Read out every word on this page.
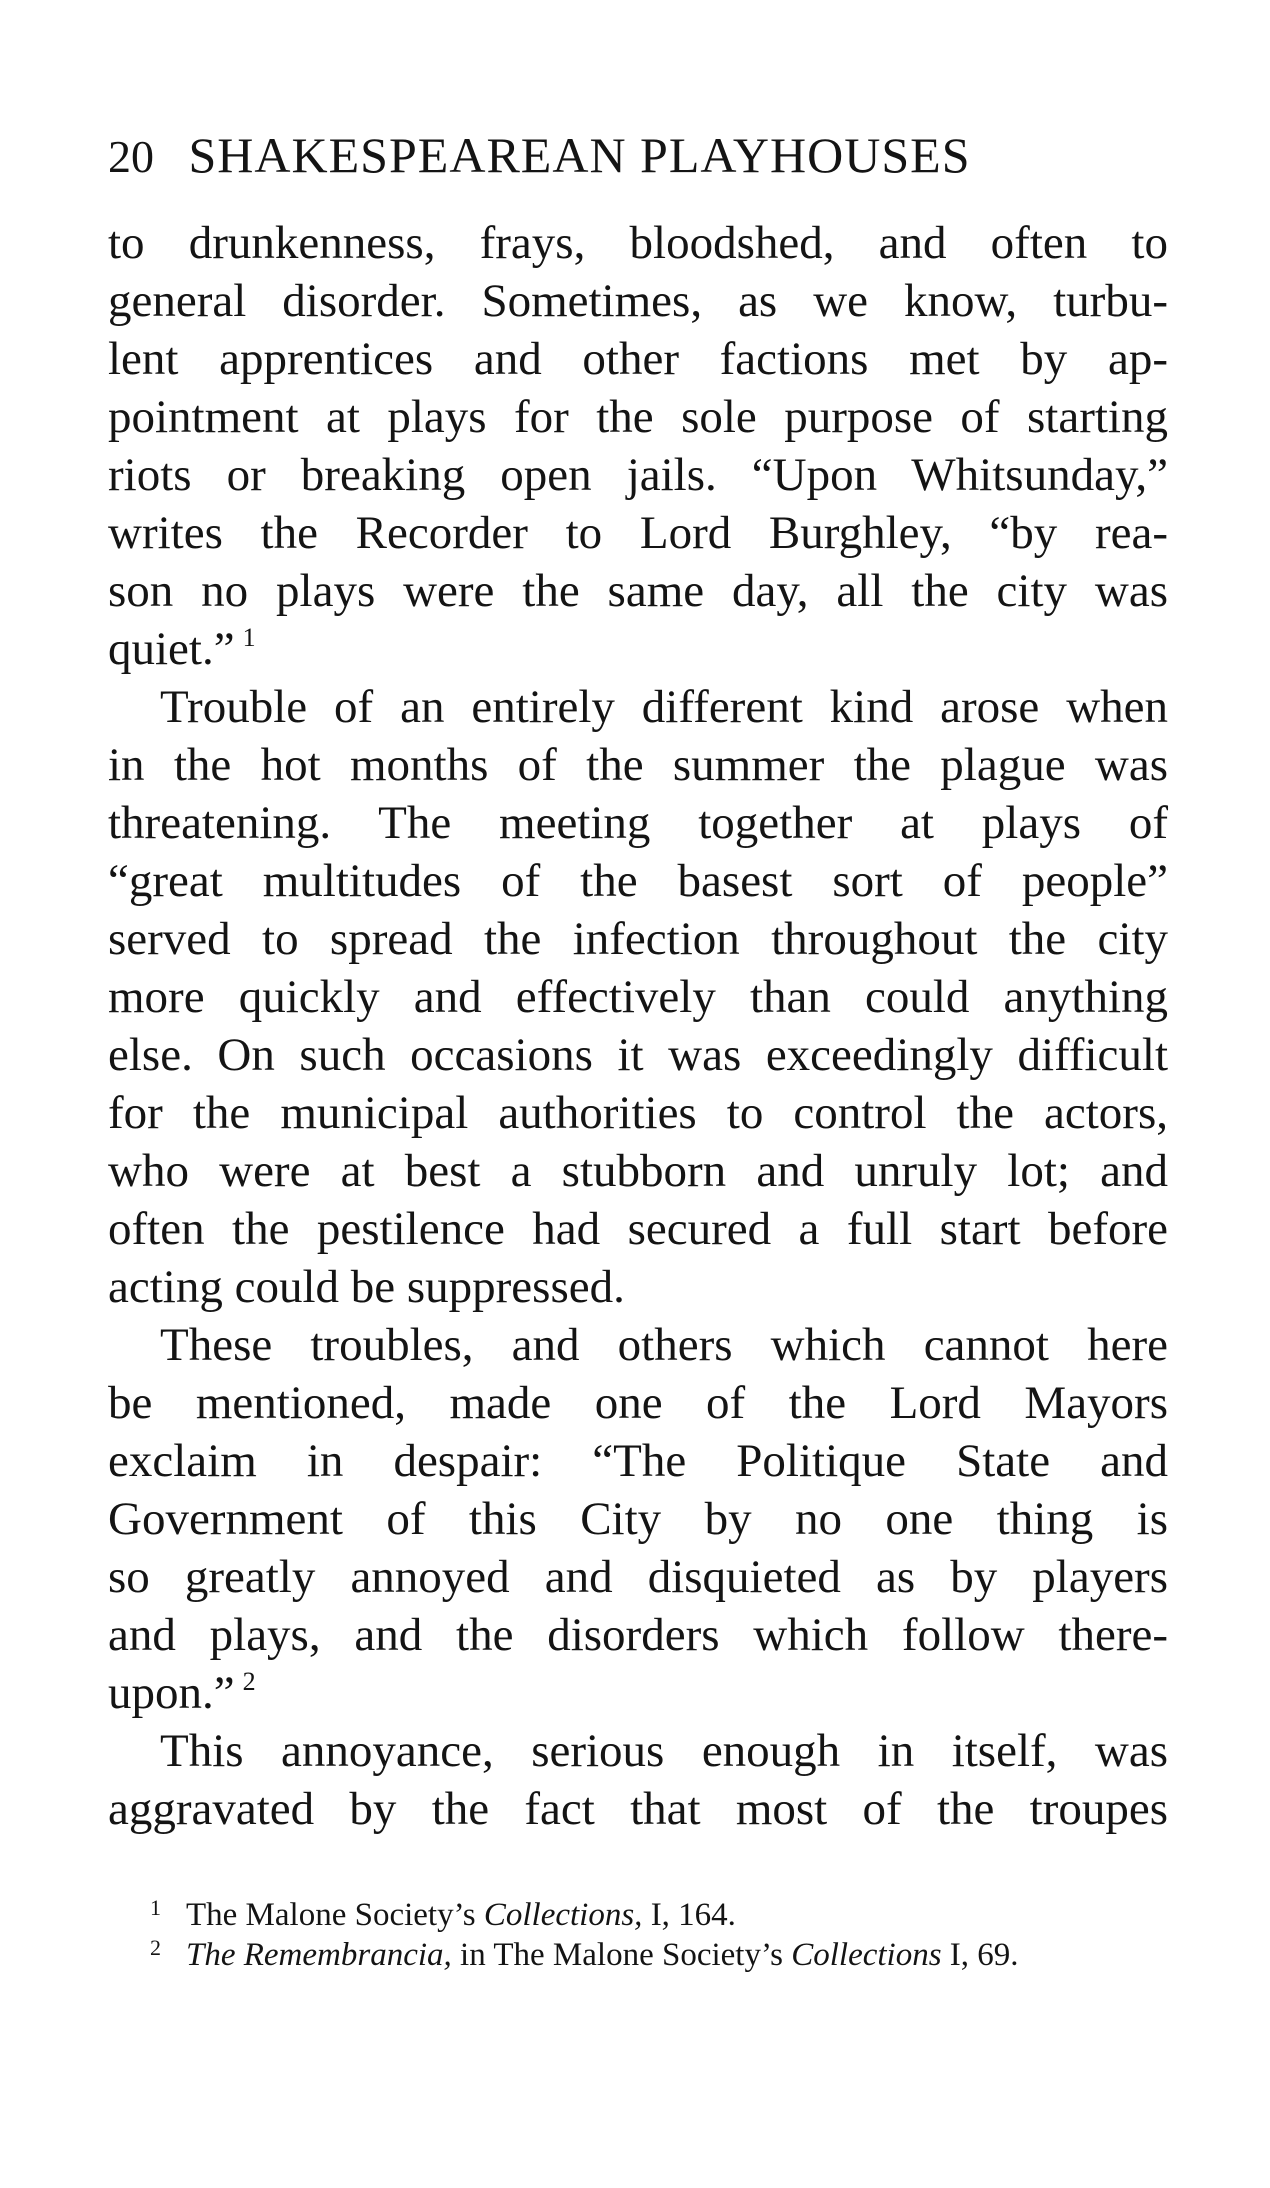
20 SHAKESPEAREAN PLAYHOUSES
to drunkenness, frays, bloodshed, and often to
general disorder. Sometimes, as we know, turbu-
lent apprentices and other factions met by ap-
pointment at plays for the sole purpose of starting
riots or breaking open jails. “Upon Whitsunday,”
writes the Recorder to Lord Burghley, “by rea-
son no plays were the same day, all the city was
quiet.” $^1$
Trouble of an entirely different kind arose when
in the hot months of the summer the plague was
threatening. The meeting together at plays of
“great multitudes of the basest sort of people”
served to spread the infection throughout the city
more quickly and effectively than could anything
else. On such occasions it was exceedingly difficult
for the municipal authorities to control the actors,
who were at best a stubborn and unruly lot; and
often the pestilence had secured a full start before
acting could be suppressed.
These troubles, and others which cannot here
be mentioned, made one of the Lord Mayors
exclaim in despair: “The Politique State and
Government of this City by no one thing is
so greatly annoyed and disquieted as by players
and plays, and the disorders which follow there-
upon.” $^2$
This annoyance, serious enough in itself, was
aggravated by the fact that most of the troupes
1 The Malone Society’s Collections, I, 164.
2 The Remembrancia, in The Malone Society’s Collections I, 69.
